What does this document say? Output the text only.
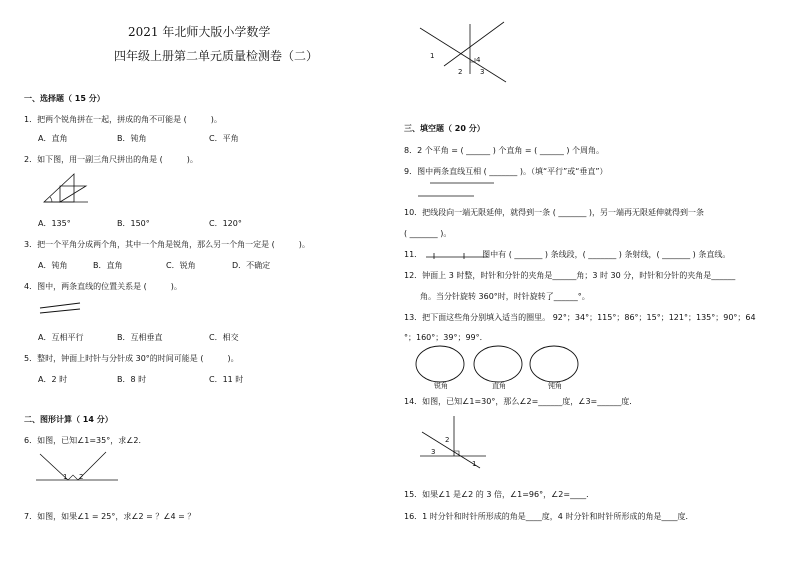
2021 年北师大版小学数学
四年级上册第二单元质量检测卷（二）
一、选择题（ 15 分）
1．把两个锐角拼在一起，拼成的角不可能是 (　　　)。
A．直角	B．钝角	C．平角
2．如下图，用一副三角尺拼出的角是 (　　　)。
A．135°	B．150°	C．120°
3．把一个平角分成两个角，其中一个角是锐角，那么另一个角一定是 (　　　)。
A．钝角	B．直角	C．锐角	D．不确定
4．图中，两条直线的位置关系是 (　　　)。
A．互相平行	B．互相垂直	C．相交
5．整时，钟面上时针与分针成 30°的时间可能是 (　　　)。
A．2 时	B．8 时	C．11 时
二、图形计算（ 14 分）
6．如图，已知∠1=35°，求∠2．
1 2
7．如图，如果∠1 = 25°，求∠2 = ？∠4 = ？
1	4
2	3
三、填空题（ 20 分）
8．2 个平角 = ( ______ ) 个直角 = ( ______ ) 个周角。
9．图中两条直线互相 ( _______ )。（填“平行”或“垂直”）
10．把线段向一端无限延伸，就得到一条 ( _______ )，另一端再无限延伸就得到一条
( _______ )。
11．　　　　　　　　图中有 ( _______ ) 条线段，( _______ ) 条射线，( _______ ) 条直线。
12．钟面上 3 时整，时针和分针的夹角是______角；3 时 30 分，时针和分针的夹角是______
角。当分针旋转 360°时，时针旋转了______°。
13．把下面这些角分别填入适当的圈里。 92°；34°；115°；86°；15°；121°；135°；90°；64
°；160°；39°；99°．
锐角	直角	钝角
14．如图，已知∠1=30°，那么∠2=______度，∠3=______度．
2
3
1
15．如果∠1 是∠2 的 3 倍，∠1=96°，∠2=____．
16．1 时分针和时针所形成的角是____度，4 时分针和时针所形成的角是____度．
